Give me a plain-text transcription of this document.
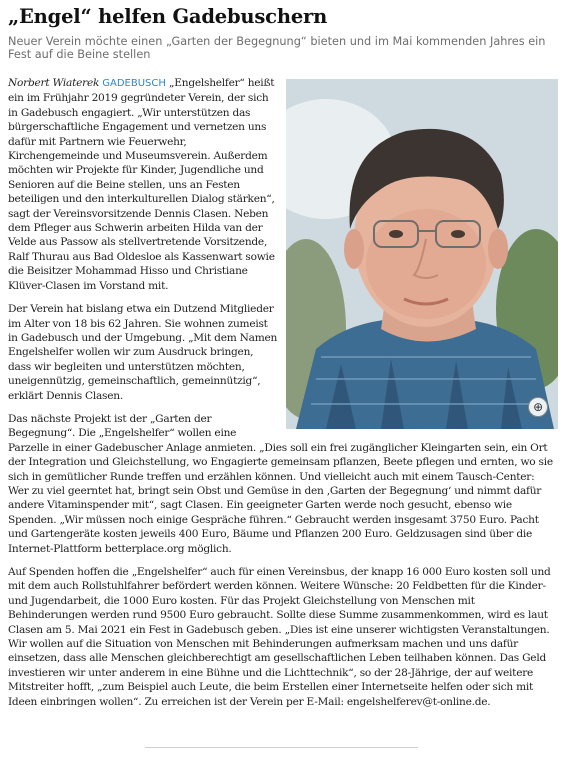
„Engel“ helfen Gadebuschern

Neuer Verein möchte einen „Garten der Begegnung“ bieten und im Mai kommenden Jahres ein Fest auf die Beine stellen

⊕

Norbert Wiaterek GADEBUSCH „Engelshelfer“ heißt ein im Frühjahr 2019 gegründeter Verein, der sich in Gadebusch engagiert. „Wir unterstützen das bürgerschaftliche Engagement und vernetzen uns dafür mit Partnern wie Feuerwehr, Kirchengemeinde und Museumsverein. Außerdem möchten wir Projekte für Kinder, Jugendliche und Senioren auf die Beine stellen, uns an Festen beteiligen und den interkulturellen Dialog stärken“, sagt der Vereinsvorsitzende Dennis Clasen. Neben dem Pfleger aus Schwerin arbeiten Hilda van der Velde aus Passow als stellvertretende Vorsitzende, Ralf Thurau aus Bad Oldesloe als Kassenwart sowie die Beisitzer Mohammad Hisso und Christiane Klüver-Clasen im Vorstand mit.

Der Verein hat bislang etwa ein Dutzend Mitglieder im Alter von 18 bis 62 Jahren. Sie wohnen zumeist in Gadebusch und der Umgebung. „Mit dem Namen Engelshelfer wollen wir zum Ausdruck bringen, dass wir begleiten und unterstützen möchten, uneigennützig, gemeinschaftlich, gemeinnützig“, erklärt Dennis Clasen.

Das nächste Projekt ist der „Garten der Begegnung“. Die „Engelshelfer“ wollen eine Parzelle in einer Gadebuscher Anlage anmieten. „Dies soll ein frei zugänglicher Kleingarten sein, ein Ort der Integration und Gleichstellung, wo Engagierte gemeinsam pflanzen, Beete pflegen und ernten, wo sie sich in gemütlicher Runde treffen und erzählen können. Und vielleicht auch mit einem Tausch-Center: Wer zu viel geerntet hat, bringt sein Obst und Gemüse in den ‚Garten der Begegnung‘ und nimmt dafür andere Vitaminspender mit“, sagt Clasen. Ein geeigneter Garten werde noch gesucht, ebenso wie Spenden. „Wir müssen noch einige Gespräche führen.“ Gebraucht werden insgesamt 3750 Euro. Pacht und Gartengeräte kosten jeweils 400 Euro, Bäume und Pflanzen 200 Euro. Geldzusagen sind über die Internet-Plattform betterplace.org möglich.

Auf Spenden hoffen die „Engelshelfer“ auch für einen Vereinsbus, der knapp 16 000 Euro kosten soll und mit dem auch Rollstuhlfahrer befördert werden können. Weitere Wünsche: 20 Feldbetten für die Kinder- und Jugendarbeit, die 1000 Euro kosten. Für das Projekt Gleichstellung von Menschen mit Behinderungen werden rund 9500 Euro gebraucht. Sollte diese Summe zusammenkommen, wird es laut Clasen am 5. Mai 2021 ein Fest in Gadebusch geben. „Dies ist eine unserer wichtigsten Veranstaltungen. Wir wollen auf die Situation von Menschen mit Behinderungen aufmerksam machen und uns dafür einsetzen, dass alle Menschen gleichberechtigt am gesellschaftlichen Leben teilhaben können. Das Geld investieren wir unter anderem in eine Bühne und die Lichttechnik“, so der 28-Jährige, der auf weitere Mitstreiter hofft, „zum Beispiel auch Leute, die beim Erstellen einer Internetseite helfen oder sich mit Ideen einbringen wollen“. Zu erreichen ist der Verein per E-Mail: engelshelferev@t-online.de.
